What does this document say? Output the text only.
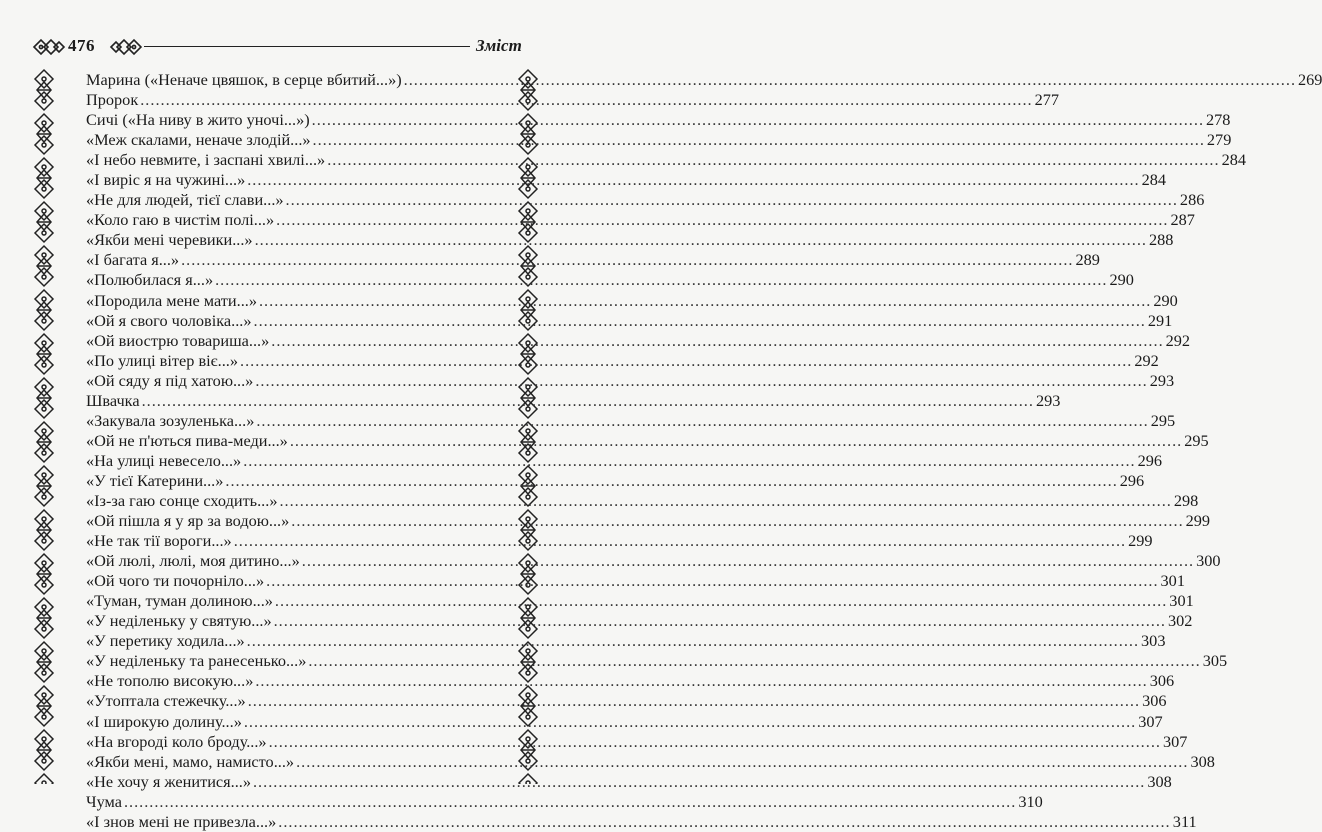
476	Зміст
Марина («Неначе цвяшок, в серце вбитий...») ................................................................................................................................................................................ 269
Пророк ................................................................................................................................................................................ 277
Сичі («На ниву в жито уночі...») ................................................................................................................................................................................ 278
«Меж скалами, неначе злодій...» ................................................................................................................................................................................ 279
«І небо невмите, і заспані хвилі...» ................................................................................................................................................................................ 284
«І виріс я на чужині...» ................................................................................................................................................................................ 284
«Не для людей, тієї слави...» ................................................................................................................................................................................ 286
«Коло гаю в чистім полі...» ................................................................................................................................................................................ 287
«Якби мені черевики...» ................................................................................................................................................................................ 288
«І багата я...» ................................................................................................................................................................................ 289
«Полюбилася я...» ................................................................................................................................................................................ 290
«Породила мене мати...» ................................................................................................................................................................................ 290
«Ой я свого чоловіка...» ................................................................................................................................................................................ 291
«Ой виострю товариша...» ................................................................................................................................................................................ 292
«По улиці вітер віє...» ................................................................................................................................................................................ 292
«Ой сяду я під хатою...» ................................................................................................................................................................................ 293
Швачка ................................................................................................................................................................................ 293
«Закувала зозуленька...» ................................................................................................................................................................................ 295
«Ой не п'ються пива-меди...» ................................................................................................................................................................................ 295
«На улиці невесело...» ................................................................................................................................................................................ 296
«У тієї Катерини...» ................................................................................................................................................................................ 296
«Із-за гаю сонце сходить...» ................................................................................................................................................................................ 298
«Ой пішла я у яр за водою...» ................................................................................................................................................................................ 299
«Не так тії вороги...» ................................................................................................................................................................................ 299
«Ой люлі, люлі, моя дитино...» ................................................................................................................................................................................ 300
«Ой чого ти почорніло...» ................................................................................................................................................................................ 301
«Туман, туман долиною...» ................................................................................................................................................................................ 301
«У неділеньку у святую...» ................................................................................................................................................................................ 302
«У перетику ходила...» ................................................................................................................................................................................ 303
«У неділеньку та ранесенько...» ................................................................................................................................................................................ 305
«Не тополю високую...» ................................................................................................................................................................................ 306
«Утоптала стежечку...» ................................................................................................................................................................................ 306
«І широкую долину...» ................................................................................................................................................................................ 307
«На вгороді коло броду...» ................................................................................................................................................................................ 307
«Якби мені, мамо, намисто...» ................................................................................................................................................................................ 308
«Не хочу я женитися...» ................................................................................................................................................................................ 308
Чума ................................................................................................................................................................................ 310
«І знов мені не привезла...» ................................................................................................................................................................................ 311
